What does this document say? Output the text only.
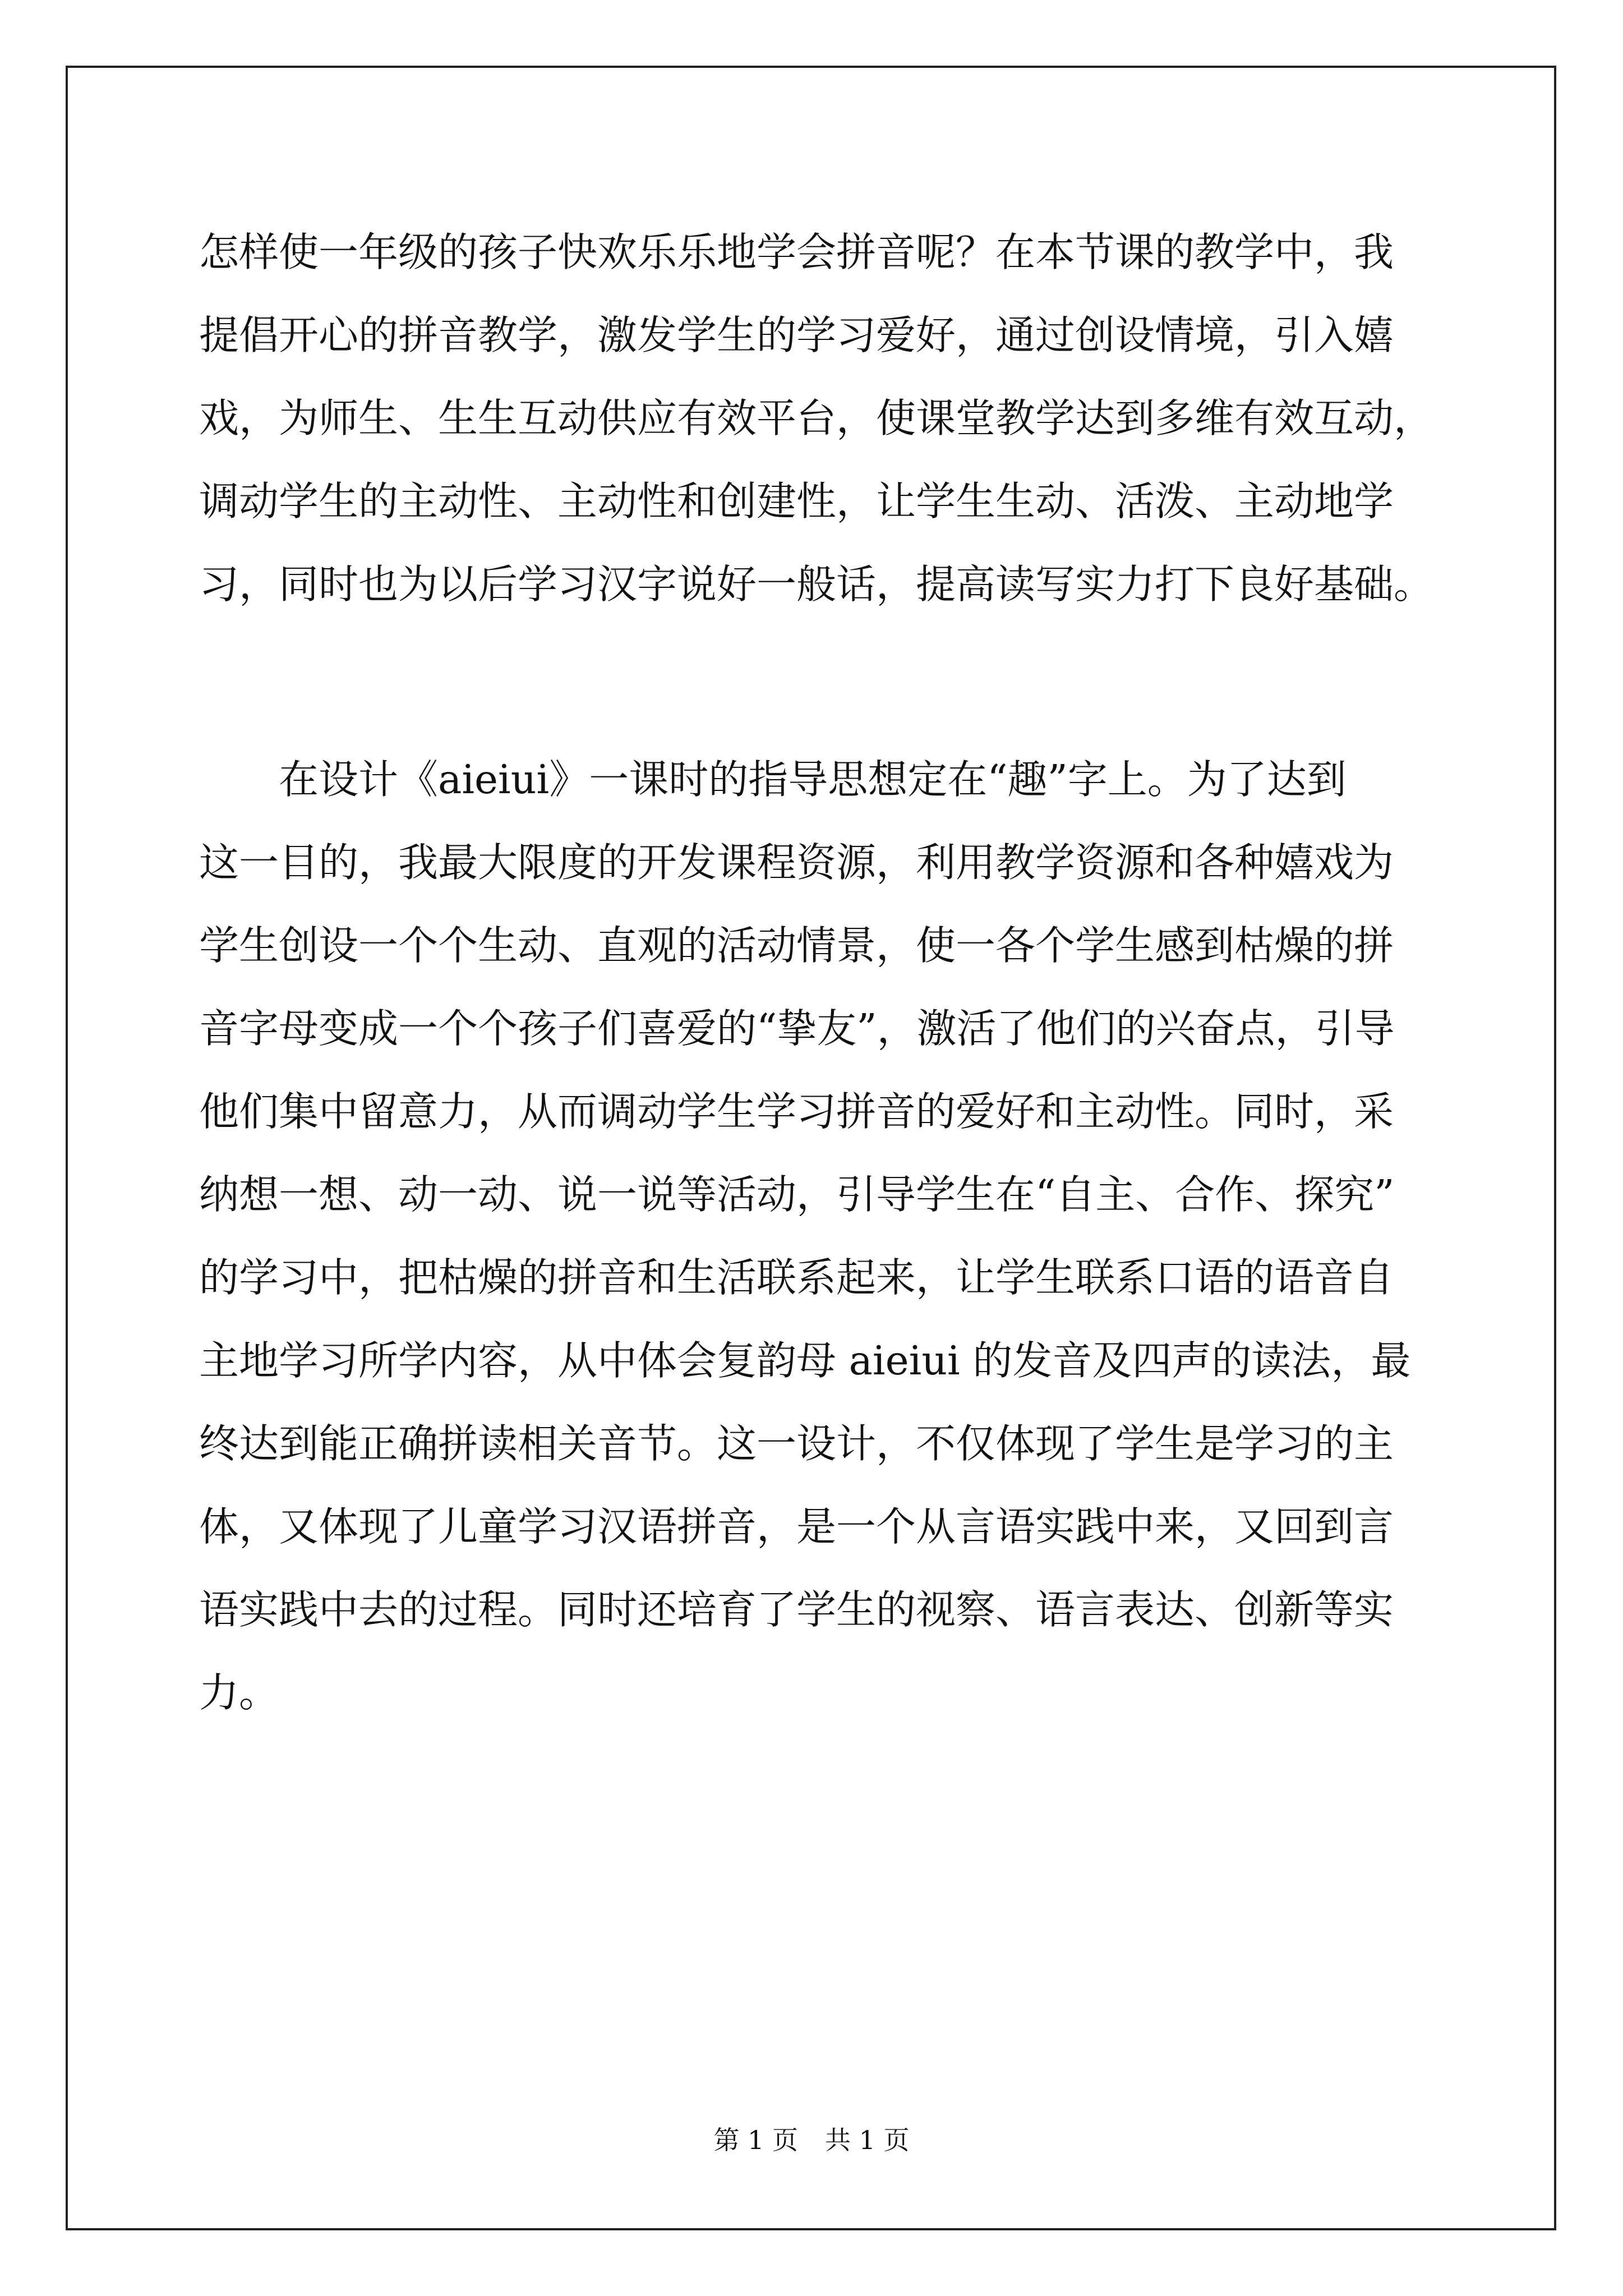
怎样使一年级的孩子快欢乐乐地学会拼音呢？在本节课的教学中，我
提倡开心的拼音教学，激发学生的学习爱好，通过创设情境，引入嬉
戏，为师生、生生互动供应有效平台，使课堂教学达到多维有效互动，
调动学生的主动性、主动性和创建性，让学生生动、活泼、主动地学
习，同时也为以后学习汉字说好一般话，提高读写实力打下良好基础。
　　在设计《aieiui》一课时的指导思想定在“趣”字上。为了达到
这一目的，我最大限度的开发课程资源，利用教学资源和各种嬉戏为
学生创设一个个生动、直观的活动情景，使一各个学生感到枯燥的拼
音字母变成一个个孩子们喜爱的“挚友”，激活了他们的兴奋点，引导
他们集中留意力，从而调动学生学习拼音的爱好和主动性。同时，采
纳想一想、动一动、说一说等活动，引导学生在“自主、合作、探究”
的学习中，把枯燥的拼音和生活联系起来，让学生联系口语的语音自
主地学习所学内容，从中体会复韵母 aieiui 的发音及四声的读法，最
终达到能正确拼读相关音节。这一设计，不仅体现了学生是学习的主
体，又体现了儿童学习汉语拼音，是一个从言语实践中来，又回到言
语实践中去的过程。同时还培育了学生的视察、语言表达、创新等实
力。
第 1 页 共 1 页
